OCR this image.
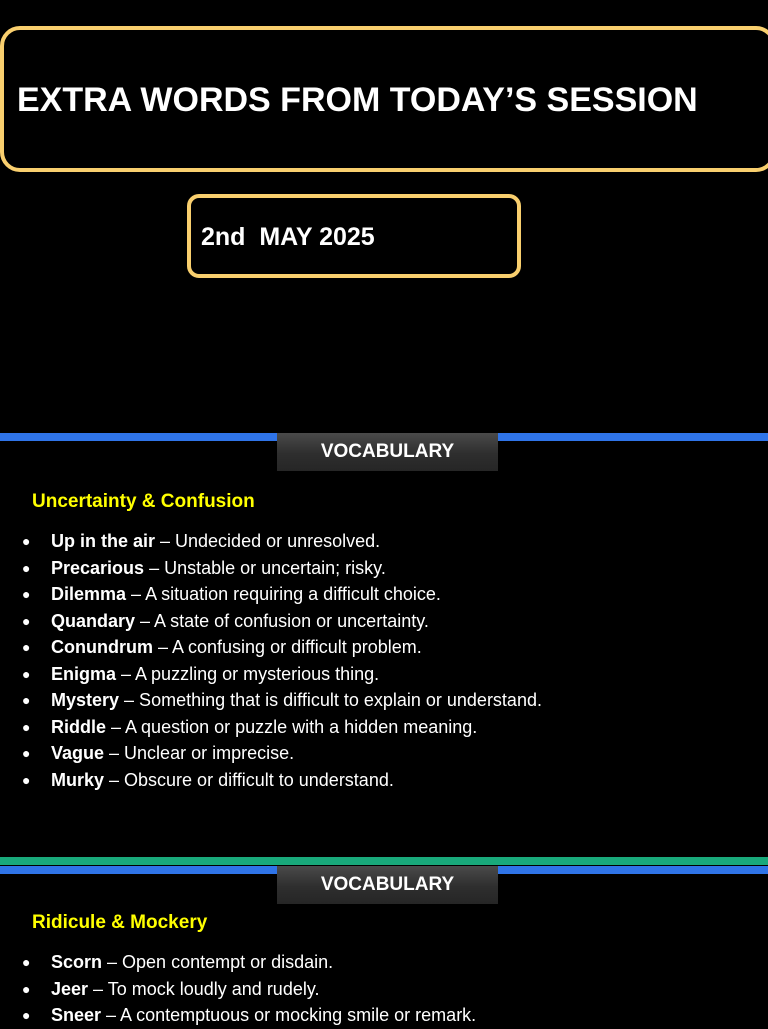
EXTRA WORDS FROM TODAY’S SESSION
2nd  MAY 2025
VOCABULARY
Uncertainty & Confusion
● Up in the air – Undecided or unresolved.
● Precarious – Unstable or uncertain; risky.
● Dilemma – A situation requiring a difficult choice.
● Quandary – A state of confusion or uncertainty.
● Conundrum – A confusing or difficult problem.
● Enigma – A puzzling or mysterious thing.
● Mystery – Something that is difficult to explain or understand.
● Riddle – A question or puzzle with a hidden meaning.
● Vague – Unclear or imprecise.
● Murky – Obscure or difficult to understand.
VOCABULARY
Ridicule & Mockery
● Scorn – Open contempt or disdain.
● Jeer – To mock loudly and rudely.
● Sneer – A contemptuous or mocking smile or remark.
